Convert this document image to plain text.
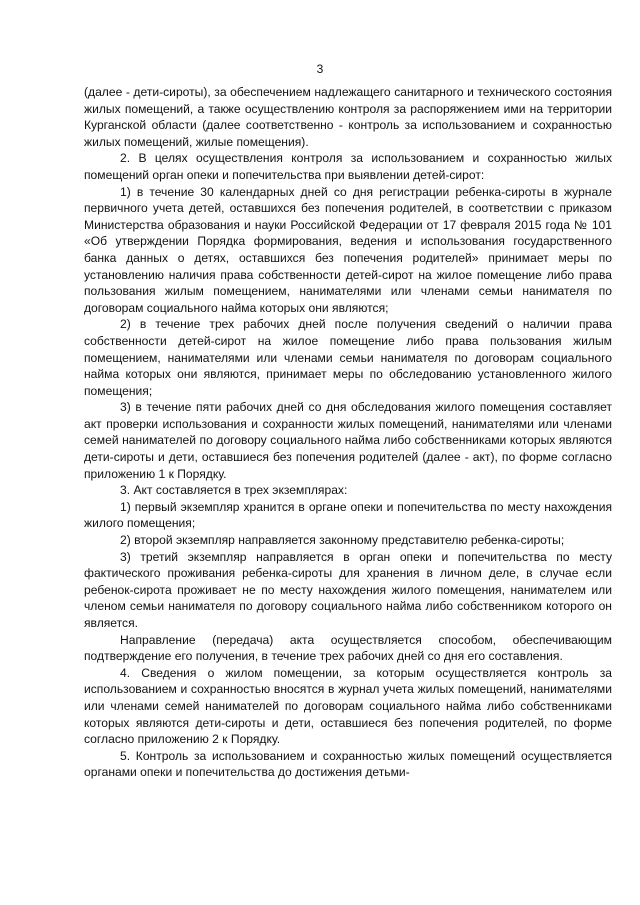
3

(далее - дети-сироты), за обеспечением надлежащего санитарного и технического состояния жилых помещений, а также осуществлению контроля за распоряжением ими на территории Курганской области (далее соответственно - контроль за использованием и сохранностью жилых помещений, жилые помещения).

2. В целях осуществления контроля за использованием и сохранностью жилых помещений орган опеки и попечительства при выявлении детей-сирот:

1) в течение 30 календарных дней со дня регистрации ребенка-сироты в журнале первичного учета детей, оставшихся без попечения родителей, в соответствии с приказом Министерства образования и науки Российской Федерации от 17 февраля 2015 года № 101 «Об утверждении Порядка формирования, ведения и использования государственного банка данных о детях, оставшихся без попечения родителей» принимает меры по установлению наличия права собственности детей-сирот на жилое помещение либо права пользования жилым помещением, нанимателями или членами семьи нанимателя по договорам социального найма которых они являются;

2) в течение трех рабочих дней после получения сведений о наличии права собственности детей-сирот на жилое помещение либо права пользования жилым помещением, нанимателями или членами семьи нанимателя по договорам социального найма которых они являются, принимает меры по обследованию установленного жилого помещения;

3) в течение пяти рабочих дней со дня обследования жилого помещения составляет акт проверки использования и сохранности жилых помещений, нанимателями или членами семей нанимателей по договору социального найма либо собственниками которых являются дети-сироты и дети, оставшиеся без попечения родителей (далее - акт), по форме согласно приложению 1 к Порядку.

3. Акт составляется в трех экземплярах:

1) первый экземпляр хранится в органе опеки и попечительства по месту нахождения жилого помещения;

2) второй экземпляр направляется законному представителю ребенка-сироты;

3) третий экземпляр направляется в орган опеки и попечительства по месту фактического проживания ребенка-сироты для хранения в личном деле, в случае если ребенок-сирота проживает не по месту нахождения жилого помещения, нанимателем или членом семьи нанимателя по договору социального найма либо собственником которого он является.

Направление (передача) акта осуществляется способом, обеспечивающим подтверждение его получения, в течение трех рабочих дней со дня его составления.

4. Сведения о жилом помещении, за которым осуществляется контроль за использованием и сохранностью вносятся в журнал учета жилых помещений, нанимателями или членами семей нанимателей по договорам социального найма либо собственниками которых являются дети-сироты и дети, оставшиеся без попечения родителей, по форме согласно приложению 2 к Порядку.

5. Контроль за использованием и сохранностью жилых помещений осуществляется органами опеки и попечительства до достижения детьми-
